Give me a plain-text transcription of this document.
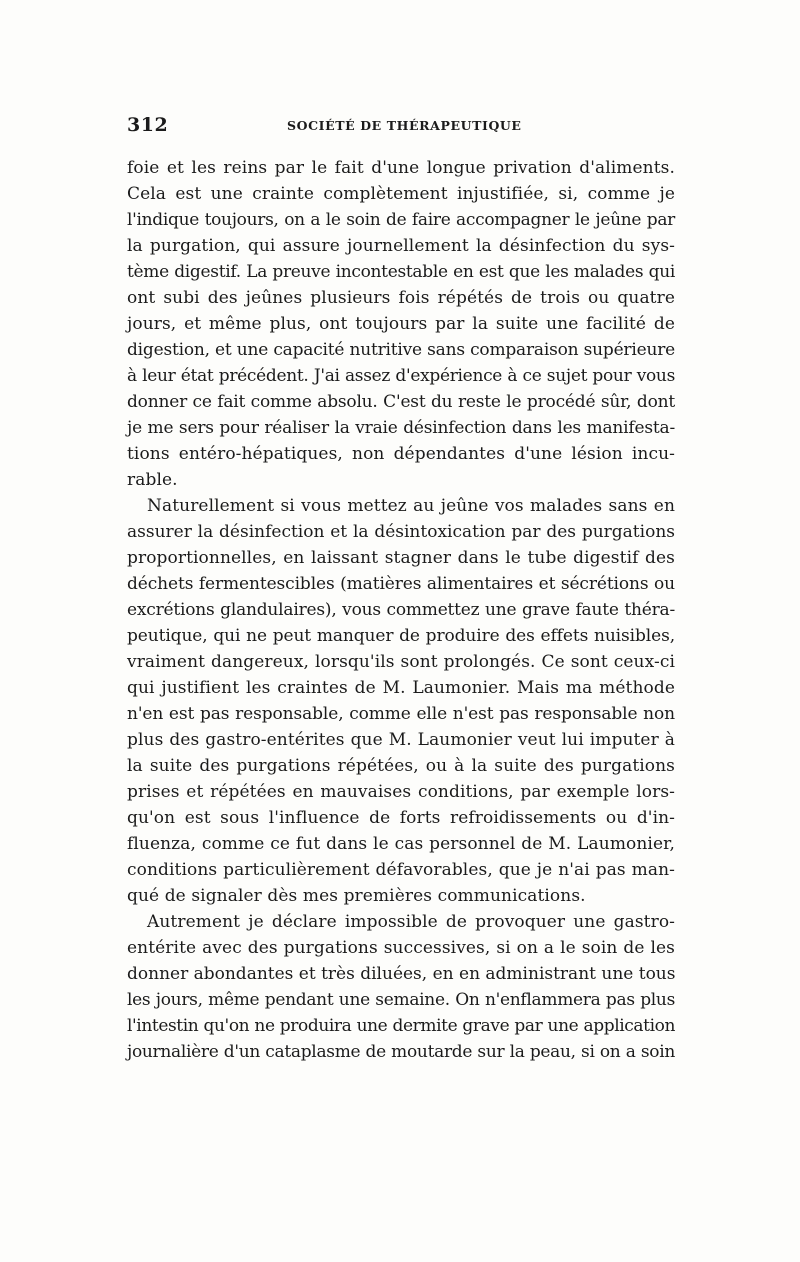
312	SOCIÉTÉ DE THÉRAPEUTIQUE
foie et les reins par le fait d'une longue privation d'aliments.
Cela est une crainte complètement injustifiée, si, comme je
l'indique toujours, on a le soin de faire accompagner le jeûne par
la purgation, qui assure journellement la désinfection du sys-
tème digestif. La preuve incontestable en est que les malades qui
ont subi des jeûnes plusieurs fois répétés de trois ou quatre
jours, et même plus, ont toujours par la suite une facilité de
digestion, et une capacité nutritive sans comparaison supérieure
à leur état précédent. J'ai assez d'expérience à ce sujet pour vous
donner ce fait comme absolu. C'est du reste le procédé sûr, dont
je me sers pour réaliser la vraie désinfection dans les manifesta-
tions entéro-hépatiques, non dépendantes d'une lésion incu-
rable.
Naturellement si vous mettez au jeûne vos malades sans en
assurer la désinfection et la désintoxication par des purgations
proportionnelles, en laissant stagner dans le tube digestif des
déchets fermentescibles (matières alimentaires et sécrétions ou
excrétions glandulaires), vous commettez une grave faute théra-
peutique, qui ne peut manquer de produire des effets nuisibles,
vraiment dangereux, lorsqu'ils sont prolongés. Ce sont ceux-ci
qui justifient les craintes de M. Laumonier. Mais ma méthode
n'en est pas responsable, comme elle n'est pas responsable non
plus des gastro-entérites que M. Laumonier veut lui imputer à
la suite des purgations répétées, ou à la suite des purgations
prises et répétées en mauvaises conditions, par exemple lors-
qu'on est sous l'influence de forts refroidissements ou d'in-
fluenza, comme ce fut dans le cas personnel de M. Laumonier,
conditions particulièrement défavorables, que je n'ai pas man-
qué de signaler dès mes premières communications.
Autrement je déclare impossible de provoquer une gastro-
entérite avec des purgations successives, si on a le soin de les
donner abondantes et très diluées, en en administrant une tous
les jours, même pendant une semaine. On n'enflammera pas plus
l'intestin qu'on ne produira une dermite grave par une application
journalière d'un cataplasme de moutarde sur la peau, si on a soin
